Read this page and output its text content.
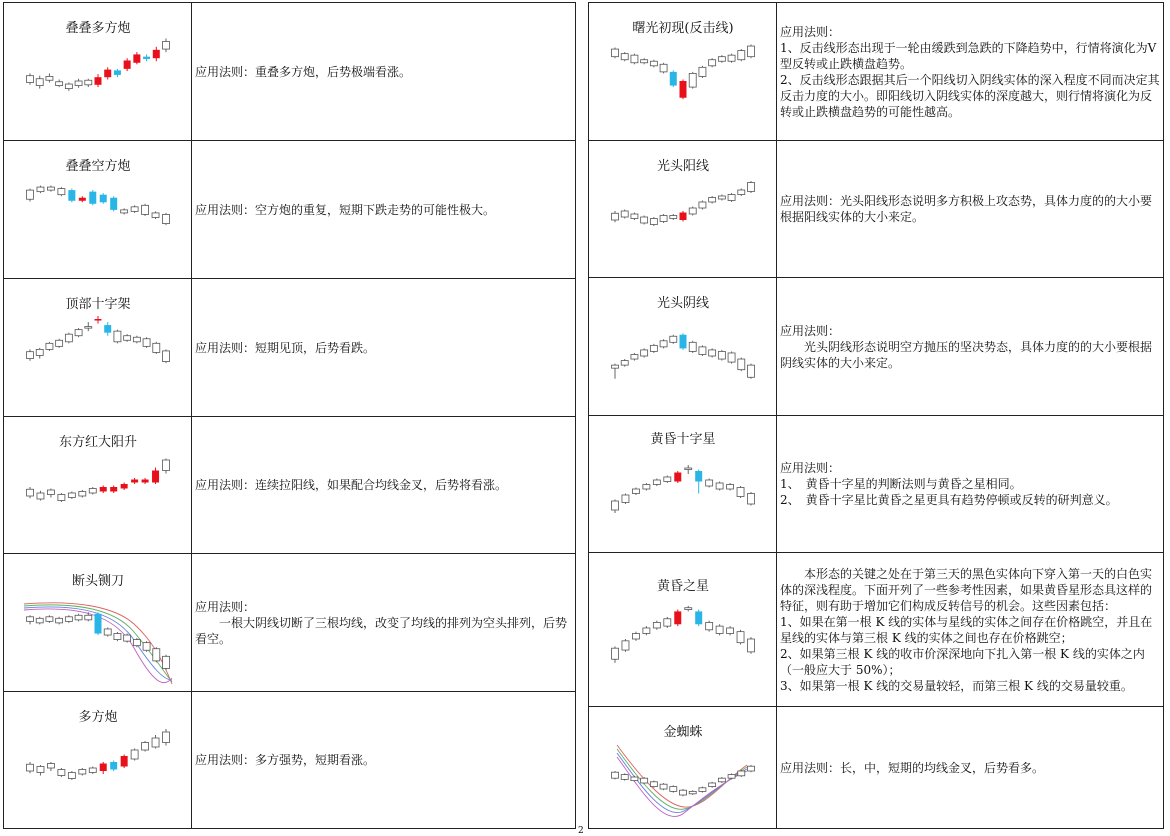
叠叠多方炮	应用法则：重叠多方炮，后势极端看涨。

叠叠空方炮	应用法则：空方炮的重复，短期下跌走势的可能性极大。

顶部十字架	应用法则：短期见顶，后势看跌。

东方红大阳升	应用法则：连续拉阳线，如果配合均线金叉，后势将看涨。

断头铡刀	应用法则：
一根大阴线切断了三根均线，改变了均线的排列为空头排列，后势看空。

多方炮	应用法则：多方强势，短期看涨。
曙光初现(反击线)	应用法则：
1、反击线形态出现于一轮由缓跌到急跌的下降趋势中，行情将演化为V 型反转或止跌横盘趋势。
2、反击线形态跟据其后一个阳线切入阴线实体的深入程度不同而决定其反击力度的大小。即阳线切入阴线实体的深度越大，则行情将演化为反转或止跌横盘趋势的可能性越高。

光头阳线	应用法则：光头阳线形态说明多方积极上攻态势，具体力度的的大小要根据阳线实体的大小来定。

光头阴线	应用法则：
光头阴线形态说明空方抛压的坚决势态，具体力度的的大小要根据阴线实体的大小来定。

黄昏十字星	应用法则：
1、　黄昏十字星的判断法则与黄昏之星相同。
2、　黄昏十字星比黄昏之星更具有趋势停顿或反转的研判意义。

黄昏之星	本形态的关键之处在于第三天的黑色实体向下穿入第一天的白色实体的深浅程度。下面开列了一些参考性因素，如果黄昏星形态具这样的特征，则有助于增加它们构成反转信号的机会。这些因素包括：
1、如果在第一根 K 线的实体与星线的实体之间存在价格跳空，并且在星线的实体与第三根 K 线的实体之间也存在价格跳空；
2、如果第三根 K 线的收市价深深地向下扎入第一根 K 线的实体之内（一般应大于 50%）；
3、如果第一根 K 线的交易量较轻，而第三根 K 线的交易量较重。

金蜘蛛	应用法则：长，中，短期的均线金叉，后势看多。
2
